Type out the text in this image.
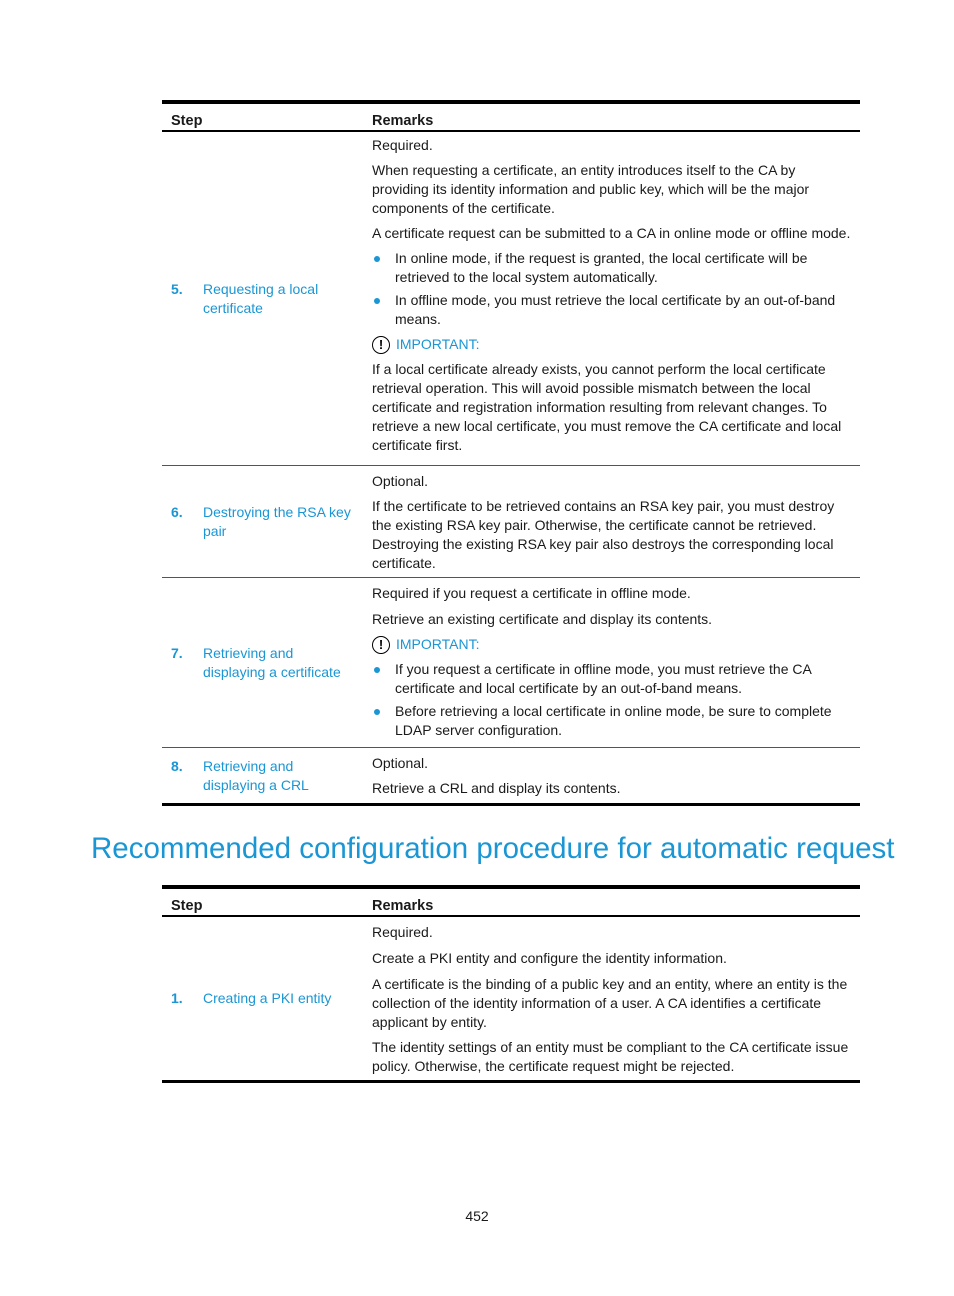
Step	Remarks
5.	Requesting a local certificate

Required.

When requesting a certificate, an entity introduces itself to the CA by providing its identity information and public key, which will be the major components of the certificate.

A certificate request can be submitted to a CA in online mode or offline mode.

In online mode, if the request is granted, the local certificate will be retrieved to the local system automatically.
In offline mode, you must retrieve the local certificate by an out-of-band means.
! IMPORTANT:

If a local certificate already exists, you cannot perform the local certificate retrieval operation. This will avoid possible mismatch between the local certificate and registration information resulting from relevant changes. To retrieve a new local certificate, you must remove the CA certificate and local certificate first.

6.	Destroying the RSA key pair

Optional.

If the certificate to be retrieved contains an RSA key pair, you must destroy the existing RSA key pair. Otherwise, the certificate cannot be retrieved. Destroying the existing RSA key pair also destroys the corresponding local certificate.

7.	Retrieving and displaying a certificate

Required if you request a certificate in offline mode.

Retrieve an existing certificate and display its contents.

! IMPORTANT:
If you request a certificate in offline mode, you must retrieve the CA certificate and local certificate by an out-of-band means.
Before retrieving a local certificate in online mode, be sure to complete LDAP server configuration.
8.	Retrieving and displaying a CRL

Optional.

Retrieve a CRL and display its contents.

Recommended configuration procedure for automatic request
Step	Remarks
1.	Creating a PKI entity

Required.

Create a PKI entity and configure the identity information.

A certificate is the binding of a public key and an entity, where an entity is the collection of the identity information of a user. A CA identifies a certificate applicant by entity.

The identity settings of an entity must be compliant to the CA certificate issue policy. Otherwise, the certificate request might be rejected.

452
